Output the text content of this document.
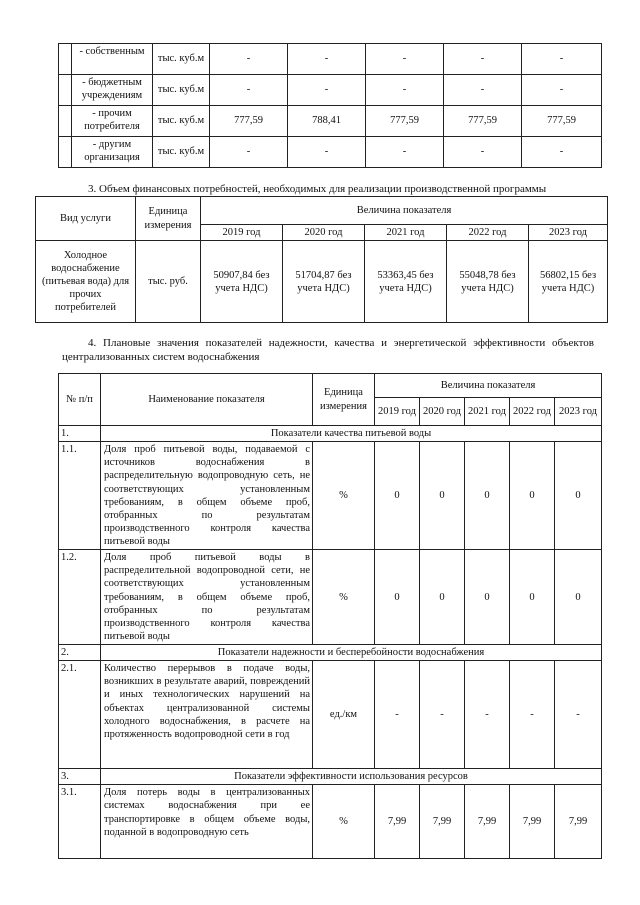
	- собственным	тыс. куб.м	-	-	-	-	-

	- бюджетным учреждениям	тыс. куб.м	-	-	-	-	-

	- прочим потребителя	тыс. куб.м	777,59	788,41	777,59	777,59	777,59

	- другим организация	тыс. куб.м	-	-	-	-	-
3. Объем финансовых потребностей, необходимых для реализации производственной программы
Вид услуги	Единица измерения	Величина показателя				
		2019 год	2020 год	2021 год	2022 год	2023 год
Холодное водоснабжение (питьевая вода) для прочих потребителей	тыс. руб.	50907,84 без учета НДС)	51704,87 без учета НДС)	53363,45 без учета НДС)	55048,78 без учета НДС)	56802,15 без учета НДС)
4. Плановые значения показателей надежности, качества и энергетической эффективности объектов централизованных систем водоснабжения
№ п/п	Наименование показателя	Единица измерения	Величина показателя				
			2019 год	2020 год	2021 год	2022 год	2023 год
1.	Показатели качества питьевой воды						
1.1.	Доля проб питьевой воды, подаваемой с источников водоснабжения в распределительную водопроводную сеть, не соответствующих установленным требованиям, в общем объеме проб, отобранных по результатам производственного контроля качества питьевой воды	%	0	0	0	0	0
1.2.	Доля проб питьевой воды в распределительной водопроводной сети, не соответствующих установленным требованиям, в общем объеме проб, отобранных по результатам производственного контроля качества питьевой воды	%	0	0	0	0	0
2.	Показатели надежности и бесперебойности водоснабжения						
2.1.	Количество перерывов в подаче воды, возникших в результате аварий, повреждений и иных технологических нарушений на объектах централизованной системы холодного водоснабжения, в расчете на протяженность водопроводной сети в год	ед./км	-	-	-	-	-
3.	Показатели эффективности использования ресурсов						
3.1.	Доля потерь воды в централизованных системах водоснабжения при ее транспортировке в общем объеме воды, поданной в водопроводную сеть	%	7,99	7,99	7,99	7,99	7,99
